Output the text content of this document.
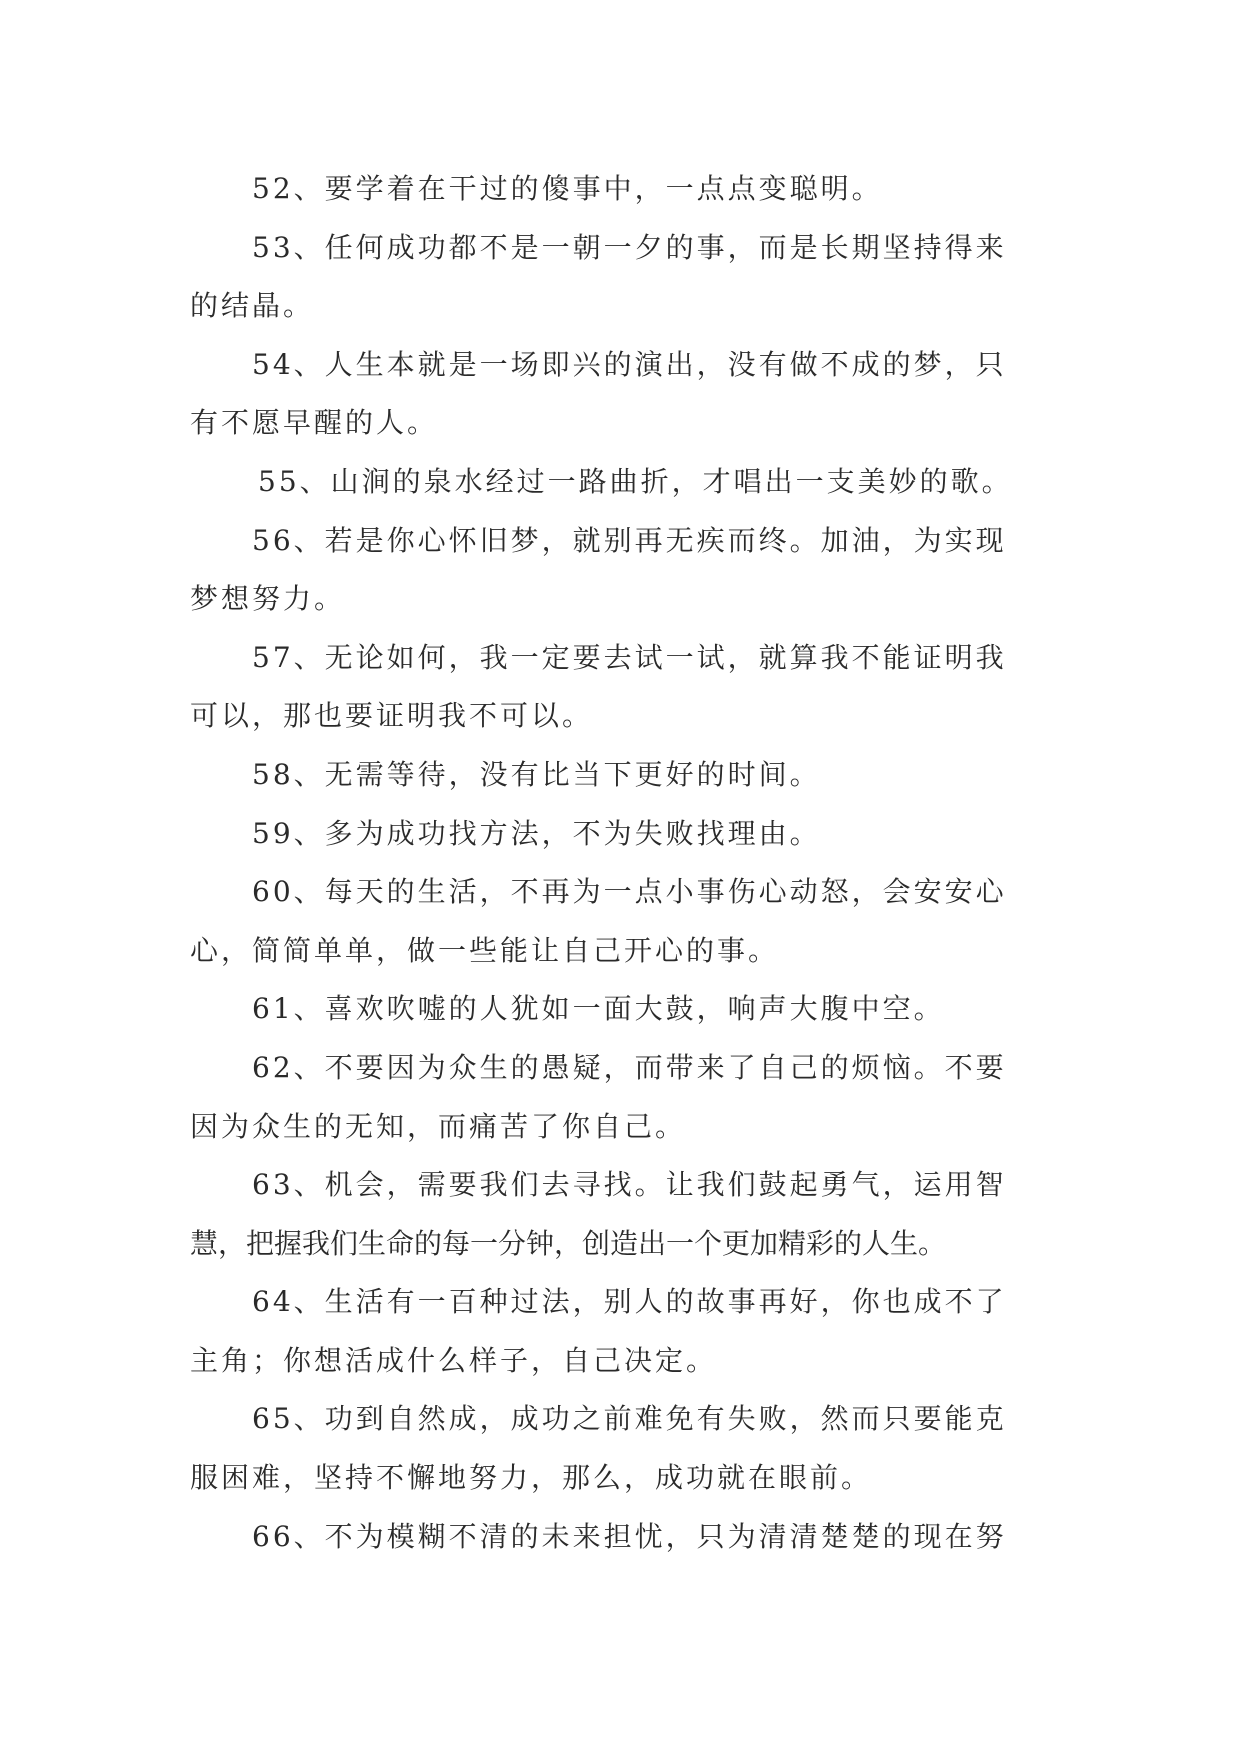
52、要学着在干过的傻事中，一点点变聪明。
53、任何成功都不是一朝一夕的事，而是长期坚持得来
的结晶。
54、人生本就是一场即兴的演出，没有做不成的梦，只
有不愿早醒的人。
55、山涧的泉水经过一路曲折，才唱出一支美妙的歌。
56、若是你心怀旧梦，就别再无疾而终。加油，为实现
梦想努力。
57、无论如何，我一定要去试一试，就算我不能证明我
可以，那也要证明我不可以。
58、无需等待，没有比当下更好的时间。
59、多为成功找方法，不为失败找理由。
60、每天的生活，不再为一点小事伤心动怒，会安安心
心，简简单单，做一些能让自己开心的事。
61、喜欢吹嘘的人犹如一面大鼓，响声大腹中空。
62、不要因为众生的愚疑，而带来了自己的烦恼。不要
因为众生的无知，而痛苦了你自己。
63、机会，需要我们去寻找。让我们鼓起勇气，运用智
慧，把握我们生命的每一分钟，创造出一个更加精彩的人生。
64、生活有一百种过法，别人的故事再好，你也成不了
主角；你想活成什么样子，自己决定。
65、功到自然成，成功之前难免有失败，然而只要能克
服困难，坚持不懈地努力，那么，成功就在眼前。
66、不为模糊不清的未来担忧，只为清清楚楚的现在努
